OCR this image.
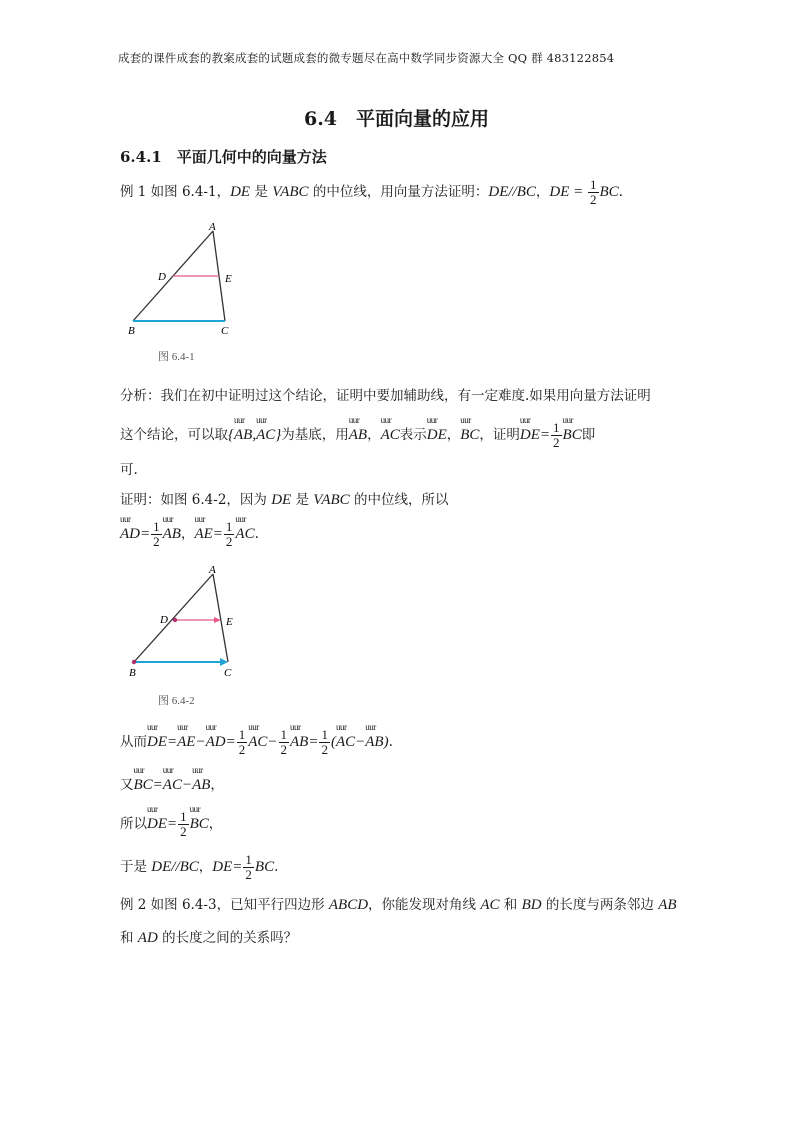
成套的课件成套的教案成套的试题成套的微专题尽在高中数学同步资源大全 QQ 群 483122854
6.4　平面向量的应用
6.4.1　平面几何中的向量方法
例 1 如图 6.4-1，DE 是 VABC 的中位线，用向量方法证明：DE//BC，DE = $\frac{1}{2}$ BC.
A
D	E
B	C
图 6.4-1
分析：我们在初中证明过这个结论，证明中要加辅助线，有一定难度.如果用向量方法证明
这个结论，可以取{uur AB,uur AC}为基底，用uur AB，uur AC表示uur DE，uur BC，证明uur $DE= \frac{1}{2}$ uur BC即
可.
证明：如图 6.4-2，因为 DE 是 VABC 的中位线，所以
uur $AD= \frac{1}{2}$ uur AB，uur $AE= \frac{1}{2}$ uur AC.
A
D	E
B	C
图 6.4-2
从而uur DE=uur AE−uur $AD= \frac{1}{2}$ uur $AC- \frac{1}{2}$ uur $AB= \frac{1}{2} (uur$ AC−uur AB).
又uur BC=uur AC−uur AB，
所以uur $DE= \frac{1}{2}$ uur BC，
于是 DE//BC，$DE= \frac{1}{2}$ BC.
例 2 如图 6.4-3，已知平行四边形 ABCD，你能发现对角线 AC 和 BD 的长度与两条邻边 AB
和 AD 的长度之间的关系吗？
